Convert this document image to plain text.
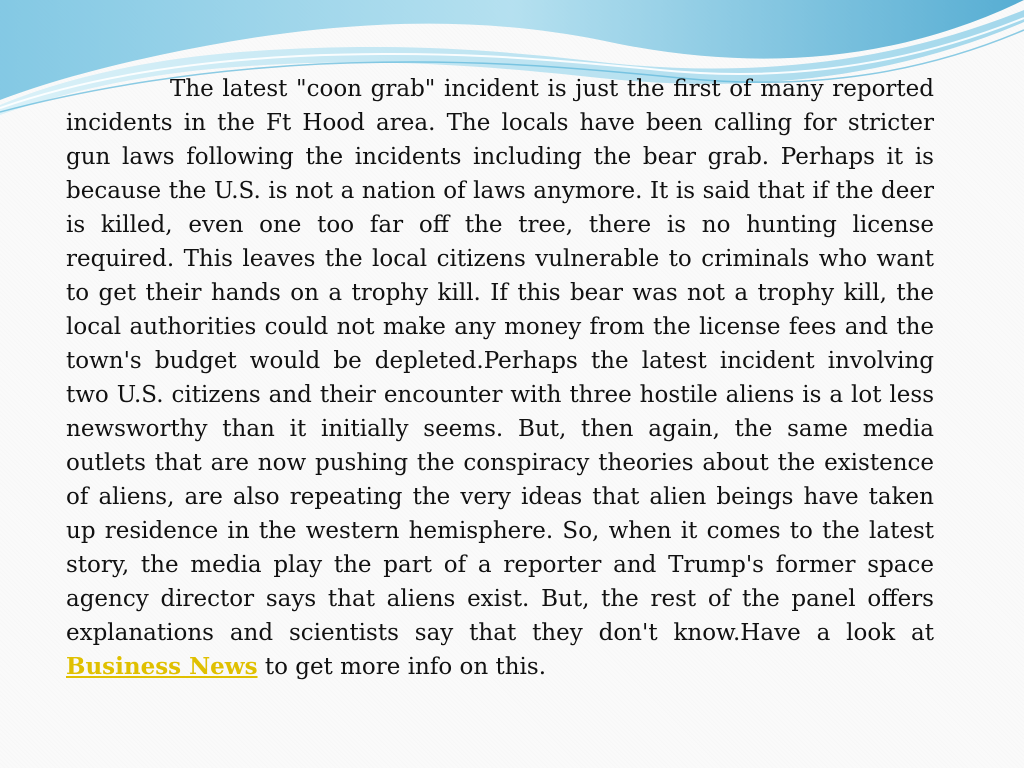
The latest "coon grab" incident is just the first of many reported incidents in the Ft Hood area. The locals have been calling for stricter gun laws following the incidents including the bear grab. Perhaps it is because the U.S. is not a nation of laws anymore. It is said that if the deer is killed, even one too far off the tree, there is no hunting license required. This leaves the local citizens vulnerable to criminals who want to get their hands on a trophy kill. If this bear was not a trophy kill, the local authorities could not make any money from the license fees and the town's budget would be depleted.Perhaps the latest incident involving two U.S. citizens and their encounter with three hostile aliens is a lot less newsworthy than it initially seems. But, then again, the same media outlets that are now pushing the conspiracy theories about the existence of aliens, are also repeating the very ideas that alien beings have taken up residence in the western hemisphere. So, when it comes to the latest story, the media play the part of a reporter and Trump's former space agency director says that aliens exist. But, the rest of the panel offers explanations and scientists say that they don't know.Have a look at Business News to get more info on this.
